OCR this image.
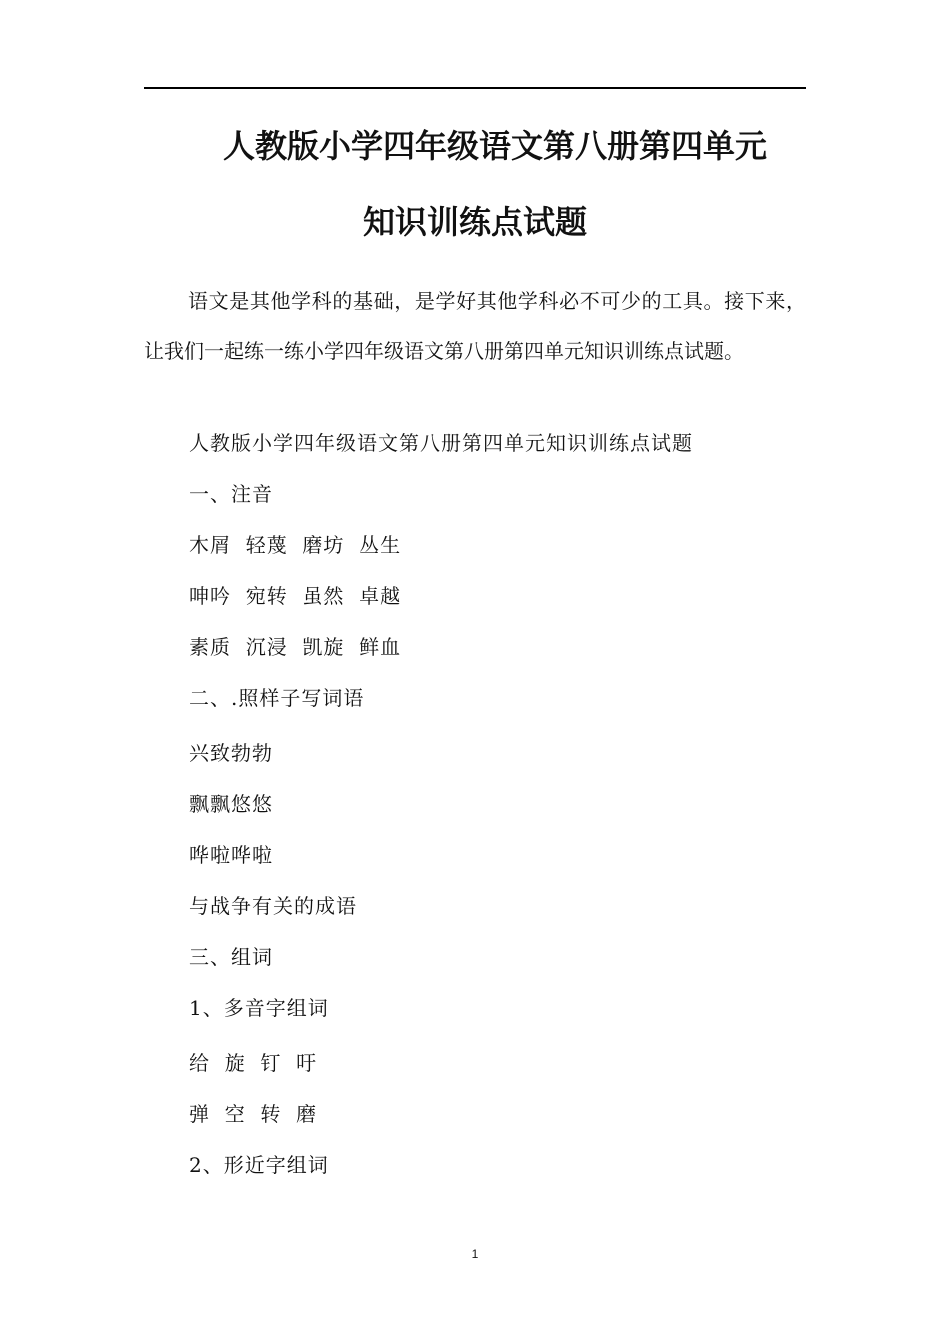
人教版小学四年级语文第八册第四单元
知识训练点试题
语文是其他学科的基础，是学好其他学科必不可少的工具。接下来，让我们一起练一练小学四年级语文第八册第四单元知识训练点试题。
人教版小学四年级语文第八册第四单元知识训练点试题
一、注音
木屑  轻蔑  磨坊  丛生
呻吟  宛转  虽然  卓越
素质  沉浸  凯旋  鲜血
二、.照样子写词语
兴致勃勃
飘飘悠悠
哗啦哗啦
与战争有关的成语
三、组词
1、多音字组词
给  旋  钉  吁
弹  空  转  磨
2、形近字组词
1
